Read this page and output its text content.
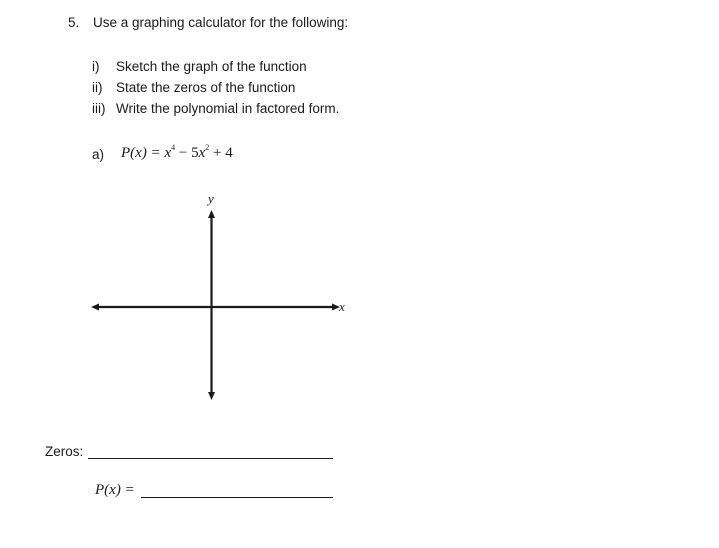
5. Use a graphing calculator for the following:
i) Sketch the graph of the function
ii) State the zeros of the function
iii) Write the polynomial in factored form.
a) $P(x) = x^4 - 5x^2 + 4$
y
x
Zeros:
P(x) =
